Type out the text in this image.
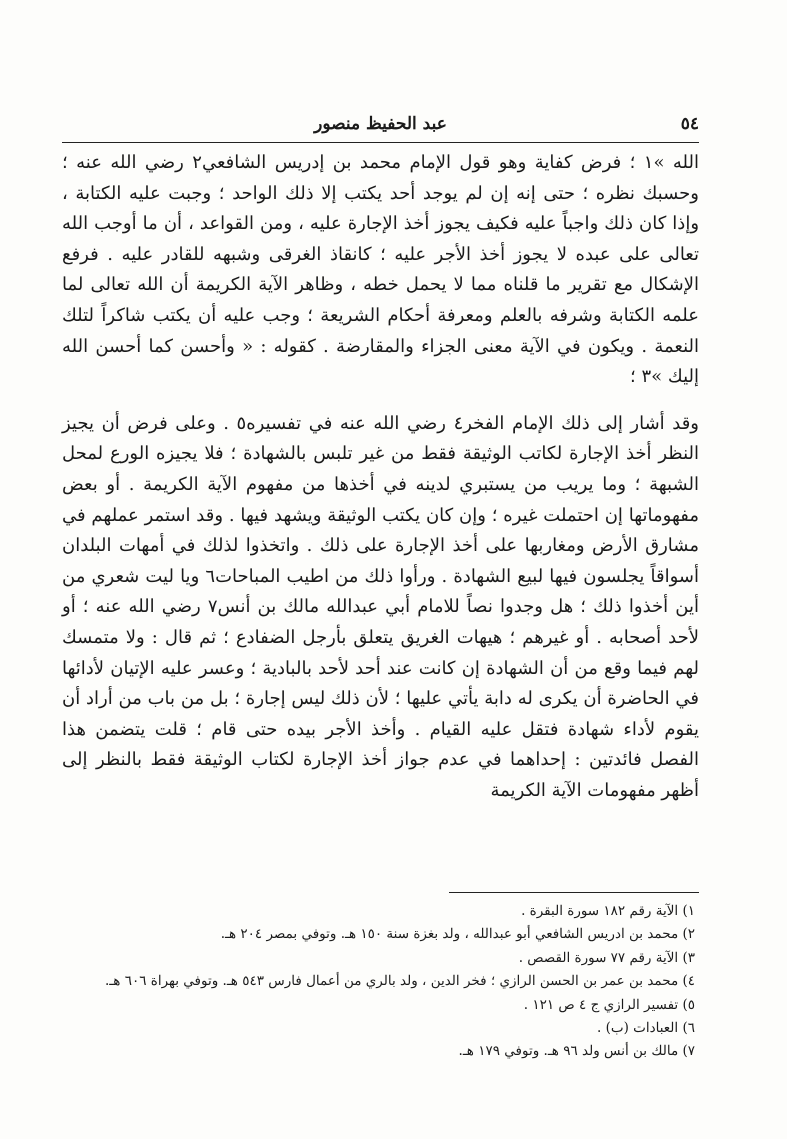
٥٤
عبد الحفيظ منصور

الله »١ ؛ فرض كفاية وهو قول الإمام محمد بن إدريس الشافعي٢ رضي الله عنه ؛ وحسبك نظره ؛ حتى إنه إن لم يوجد أحد يكتب إلا ذلك الواحد ؛ وجبت عليه الكتابة ، وإذا كان ذلك واجباً عليه فكيف يجوز أخذ الإجارة عليه ، ومن القواعد ، أن ما أوجب الله تعالى على عبده لا يجوز أخذ الأجر عليه ؛ كانقاذ الغرقى وشبهه للقادر عليه . فرفع الإشكال مع تقرير ما قلناه مما لا يحمل خطه ، وظاهر الآية الكريمة أن الله تعالى لما علمه الكتابة وشرفه بالعلم ومعرفة أحكام الشريعة ؛ وجب عليه أن يكتب شاكراً لتلك النعمة . ويكون في الآية معنى الجزاء والمقارضة . كقوله : « وأحسن كما أحسن الله إليك »٣ ؛

وقد أشار إلى ذلك الإمام الفخر٤ رضي الله عنه في تفسيره٥ . وعلى فرض أن يجيز النظر أخذ الإجارة لكاتب الوثيقة فقط من غير تلبس بالشهادة ؛ فلا يجيزه الورع لمحل الشبهة ؛ وما يريب من يستبري لدينه في أخذها من مفهوم الآية الكريمة . أو بعض مفهوماتها إن احتملت غيره ؛ وإن كان يكتب الوثيقة ويشهد فيها . وقد استمر عملهم في مشارق الأرض ومغاربها على أخذ الإجارة على ذلك . واتخذوا لذلك في أمهات البلدان أسواقاً يجلسون فيها لبيع الشهادة . ورأوا ذلك من اطيب المباحات٦ ويا ليت شعري من أين أخذوا ذلك ؛ هل وجدوا نصاً للامام أبي عبدالله مالك بن أنس٧ رضي الله عنه ؛ أو لأحد أصحابه . أو غيرهم ؛ هيهات الغريق يتعلق بأرجل الضفادع ؛ ثم قال : ولا متمسك لهم فيما وقع من أن الشهادة إن كانت عند أحد لأحد بالبادية ؛ وعسر عليه الإتيان لأدائها في الحاضرة أن يكرى له دابة يأتي عليها ؛ لأن ذلك ليس إجارة ؛ بل من باب من أراد أن يقوم لأداء شهادة فتقل عليه القيام . وأخذ الأجر بيده حتى قام ؛ قلت يتضمن هذا الفصل فائدتين : إحداهما في عدم جواز أخذ الإجارة لكتاب الوثيقة فقط بالنظر إلى أظهر مفهومات الآية الكريمة

١) الآية رقم ١٨٢ سورة البقرة .

٢) محمد بن ادريس الشافعي أبو عبدالله ، ولد بغزة سنة ١٥٠ هـ. وتوفي بمصر ٢٠٤ هـ.

٣) الآية رقم ٧٧ سورة القصص .

٤) محمد بن عمر بن الحسن الرازي ؛ فخر الدين ، ولد بالري من أعمال فارس ٥٤٣ هـ. وتوفي بهراة ٦٠٦ هـ.

٥) تفسير الرازي ج ٤ ص ١٢١ .

٦) العبادات (ب) .

٧) مالك بن أنس ولد ٩٦ هـ. وتوفي ١٧٩ هـ.
